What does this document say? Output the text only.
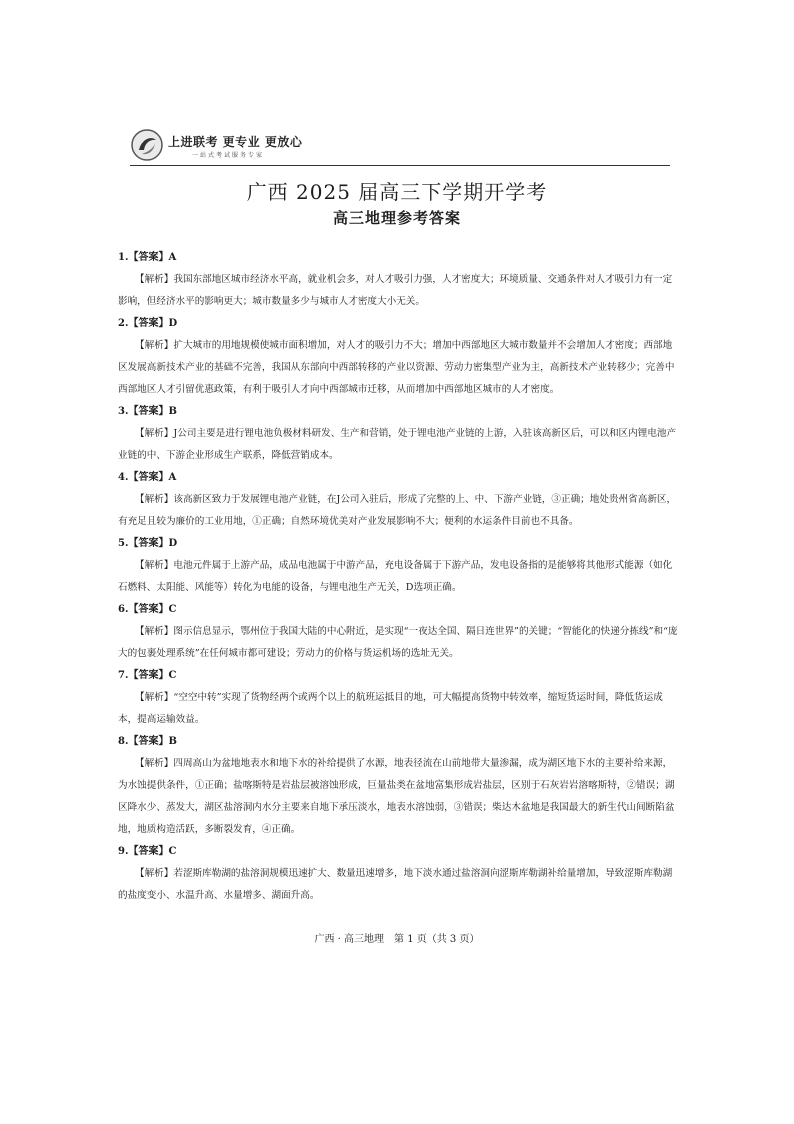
上进联考 更专业 更放心
一站式考试服务专家
广西 2025 届高三下学期开学考
高三地理参考答案
1.【答案】A

【解析】我国东部地区城市经济水平高，就业机会多，对人才吸引力强，人才密度大；环境质量、交通条件对人才吸引力有一定影响，但经济水平的影响更大；城市数量多少与城市人才密度大小无关。

2.【答案】D

【解析】扩大城市的用地规模使城市面积增加，对人才的吸引力不大；增加中西部地区大城市数量并不会增加人才密度；西部地区发展高新技术产业的基础不完善，我国从东部向中西部转移的产业以资源、劳动力密集型产业为主，高新技术产业转移少；完善中西部地区人才引留优惠政策，有利于吸引人才向中西部城市迁移，从而增加中西部地区城市的人才密度。

3.【答案】B

【解析】J公司主要是进行锂电池负极材料研发、生产和营销，处于锂电池产业链的上游，入驻该高新区后，可以和区内锂电池产业链的中、下游企业形成生产联系，降低营销成本。

4.【答案】A

【解析】该高新区致力于发展锂电池产业链，在J公司入驻后，形成了完整的上、中、下游产业链，③正确；地处贵州省高新区，有充足且较为廉价的工业用地，①正确；自然环境优美对产业发展影响不大；便利的水运条件目前也不具备。

5.【答案】D

【解析】电池元件属于上游产品，成品电池属于中游产品，充电设备属于下游产品，发电设备指的是能够将其他形式能源（如化石燃料、太阳能、风能等）转化为电能的设备，与锂电池生产无关，D选项正确。

6.【答案】C

【解析】图示信息显示，鄂州位于我国大陆的中心附近，是实现“一夜达全国、隔日连世界”的关键；“智能化的快递分拣线”和“庞大的包裹处理系统”在任何城市都可建设；劳动力的价格与货运机场的选址无关。

7.【答案】C

【解析】“空空中转”实现了货物经两个或两个以上的航班运抵目的地，可大幅提高货物中转效率，缩短货运时间，降低货运成本，提高运输效益。

8.【答案】B

【解析】四周高山为盆地地表水和地下水的补给提供了水源，地表径流在山前地带大量渗漏，成为湖区地下水的主要补给来源，为水蚀提供条件，①正确；盐喀斯特是岩盐层被溶蚀形成，巨量盐类在盆地富集形成岩盐层，区别于石灰岩岩溶喀斯特，②错误；湖区降水少、蒸发大，湖区盐溶洞内水分主要来自地下承压淡水，地表水溶蚀弱，③错误；柴达木盆地是我国最大的新生代山间断陷盆地，地质构造活跃，多断裂发育，④正确。

9.【答案】C

【解析】若涩斯库勒湖的盐溶洞规模迅速扩大、数量迅速增多，地下淡水通过盐溶洞向涩斯库勒湖补给量增加，导致涩斯库勒湖的盐度变小、水温升高、水量增多、湖面升高。

广西 · 高三地理　第 1 页（共 3 页）
